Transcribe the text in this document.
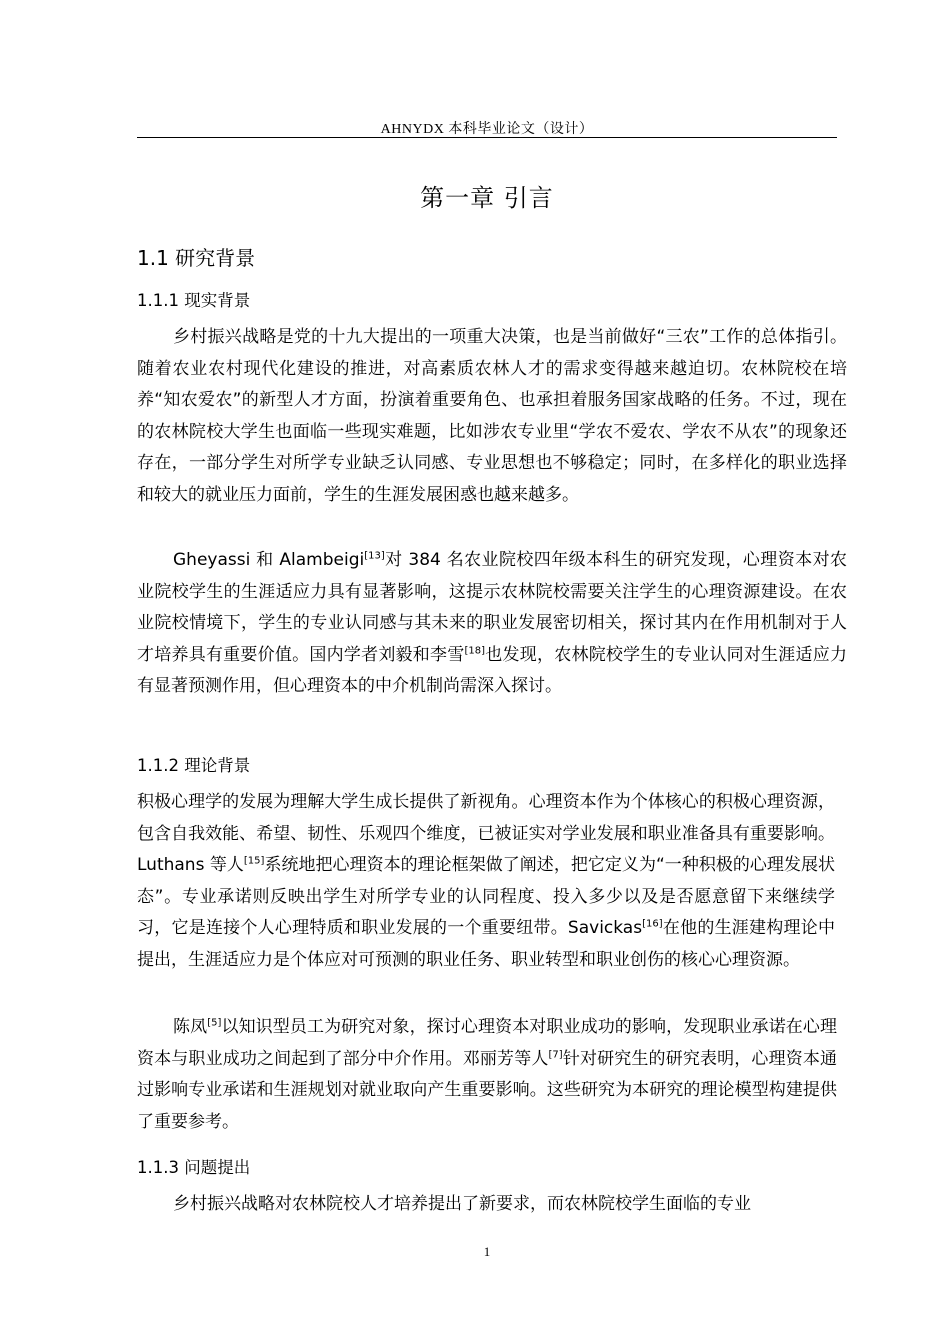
AHNYDX 本科毕业论文（设计）
第一章 引言
1.1 研究背景
1.1.1 现实背景

乡村振兴战略是党的十九大提出的一项重大决策，也是当前做好“三农”工作的总体指引。随着农业农村现代化建设的推进，对高素质农林人才的需求变得越来越迫切。农林院校在培养“知农爱农”的新型人才方面，扮演着重要角色、也承担着服务国家战略的任务。不过，现在的农林院校大学生也面临一些现实难题，比如涉农专业里“学农不爱农、学农不从农”的现象还存在，一部分学生对所学专业缺乏认同感、专业思想也不够稳定；同时，在多样化的职业选择和较大的就业压力面前，学生的生涯发展困惑也越来越多。

Gheyassi 和 Alambeigi[13]对 384 名农业院校四年级本科生的研究发现，心理资本对农业院校学生的生涯适应力具有显著影响，这提示农林院校需要关注学生的心理资源建设。在农业院校情境下，学生的专业认同感与其未来的职业发展密切相关，探讨其内在作用机制对于人才培养具有重要价值。国内学者刘毅和李雪[18]也发现，农林院校学生的专业认同对生涯适应力有显著预测作用，但心理资本的中介机制尚需深入探讨。

1.1.2 理论背景

积极心理学的发展为理解大学生成长提供了新视角。心理资本作为个体核心的积极心理资源，包含自我效能、希望、韧性、乐观四个维度，已被证实对学业发展和职业准备具有重要影响。Luthans 等人[15]系统地把心理资本的理论框架做了阐述，把它定义为“一种积极的心理发展状态”。专业承诺则反映出学生对所学专业的认同程度、投入多少以及是否愿意留下来继续学习，它是连接个人心理特质和职业发展的一个重要纽带。Savickas[16]在他的生涯建构理论中提出，生涯适应力是个体应对可预测的职业任务、职业转型和职业创伤的核心心理资源。

陈凤[5]以知识型员工为研究对象，探讨心理资本对职业成功的影响，发现职业承诺在心理资本与职业成功之间起到了部分中介作用。邓丽芳等人[7]针对研究生的研究表明，心理资本通过影响专业承诺和生涯规划对就业取向产生重要影响。这些研究为本研究的理论模型构建提供了重要参考。

1.1.3 问题提出

乡村振兴战略对农林院校人才培养提出了新要求，而农林院校学生面临的专业

1
